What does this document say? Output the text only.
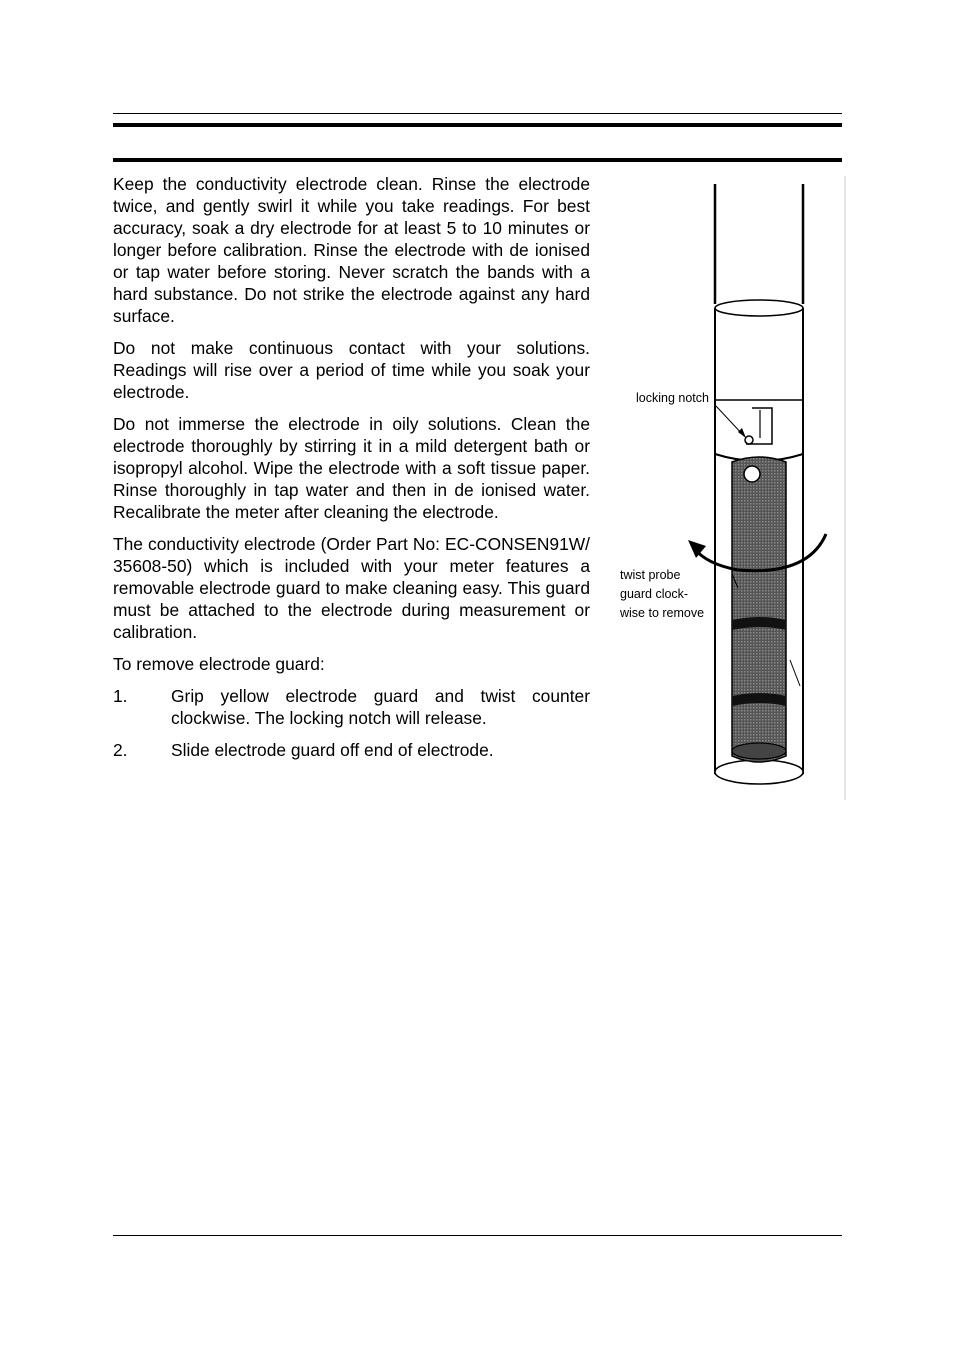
Keep the conductivity electrode clean. Rinse the electrode twice, and gently swirl it while you take readings. For best accuracy, soak a dry electrode for at least 5 to 10 minutes or longer before calibration. Rinse the electrode with de ionised or tap water before storing. Never scratch the bands with a hard substance. Do not strike the electrode against any hard surface.

Do not make continuous contact with your solutions. Readings will rise over a period of time while you soak your electrode.

Do not immerse the electrode in oily solutions. Clean the electrode thoroughly by stirring it in a mild detergent bath or isopropyl alcohol. Wipe the electrode with a soft tissue paper. Rinse thoroughly in tap water and then in de ionised water. Recalibrate the meter after cleaning the electrode.

The conductivity electrode (Order Part No: EC-CONSEN91W/ 35608-50) which is included with your meter features a removable electrode guard to make cleaning easy. This guard must be attached to the electrode during measurement or calibration.

To remove electrode guard:

1.	Grip yellow electrode guard and twist counter clockwise. The locking notch will release.
2.	Slide electrode guard off end of electrode.
locking notch
twist probe
guard clock-
wise to remove
